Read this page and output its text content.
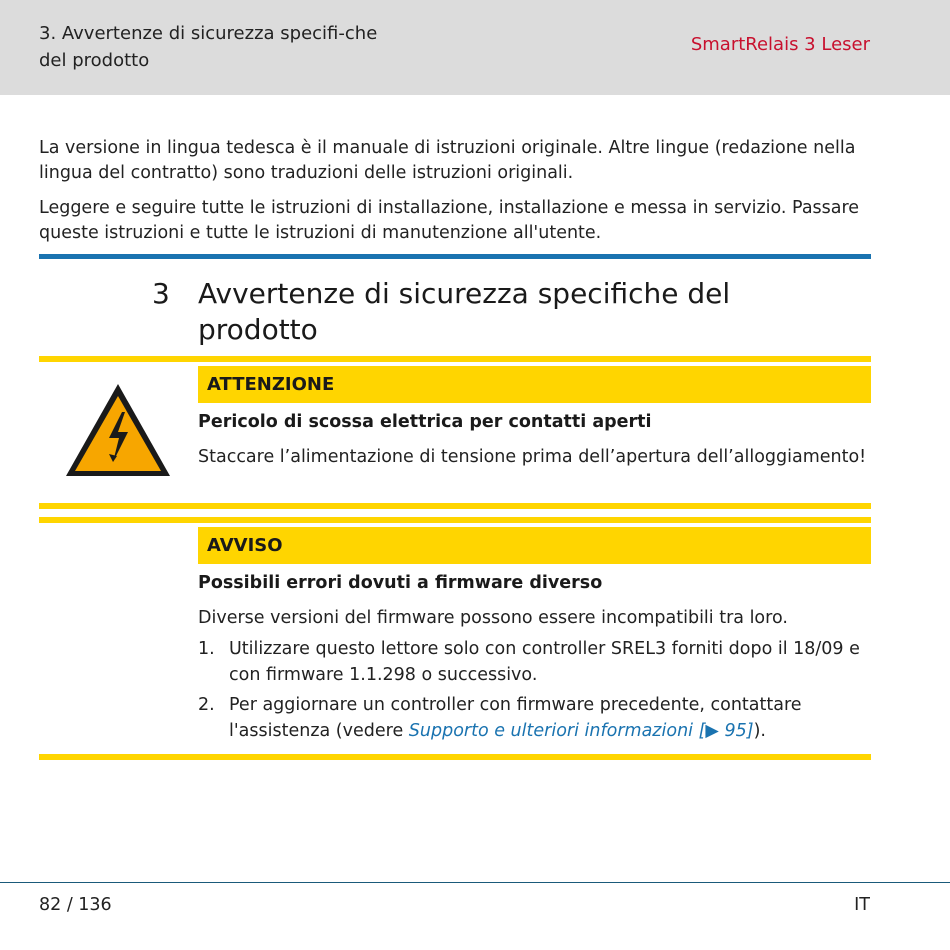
3. Avvertenze di sicurezza specifi-che del prodotto
SmartRelais 3 Leser

La versione in lingua tedesca è il manuale di istruzioni originale. Altre lingue (redazione nella lingua del contratto) sono traduzioni delle istruzioni originali.

Leggere e seguire tutte le istruzioni di installazione, installazione e messa in servizio. Passare queste istruzioni e tutte le istruzioni di manutenzione all'utente.

3 Avvertenze di sicurezza specifiche del prodotto
ATTENZIONE
Pericolo di scossa elettrica per contatti aperti
Staccare l’alimentazione di tensione prima dell’apertura dell’alloggiamento!
AVVISO
Possibili errori dovuti a firmware diverso
Diverse versioni del firmware possono essere incompatibili tra loro.
1. Utilizzare questo lettore solo con controller SREL3 forniti dopo il 18/09 e con firmware 1.1.298 o successivo.
2. Per aggiornare un controller con firmware precedente, contattare l'assistenza (vedere Supporto e ulteriori informazioni [▶ 95]).
82 / 136	IT
